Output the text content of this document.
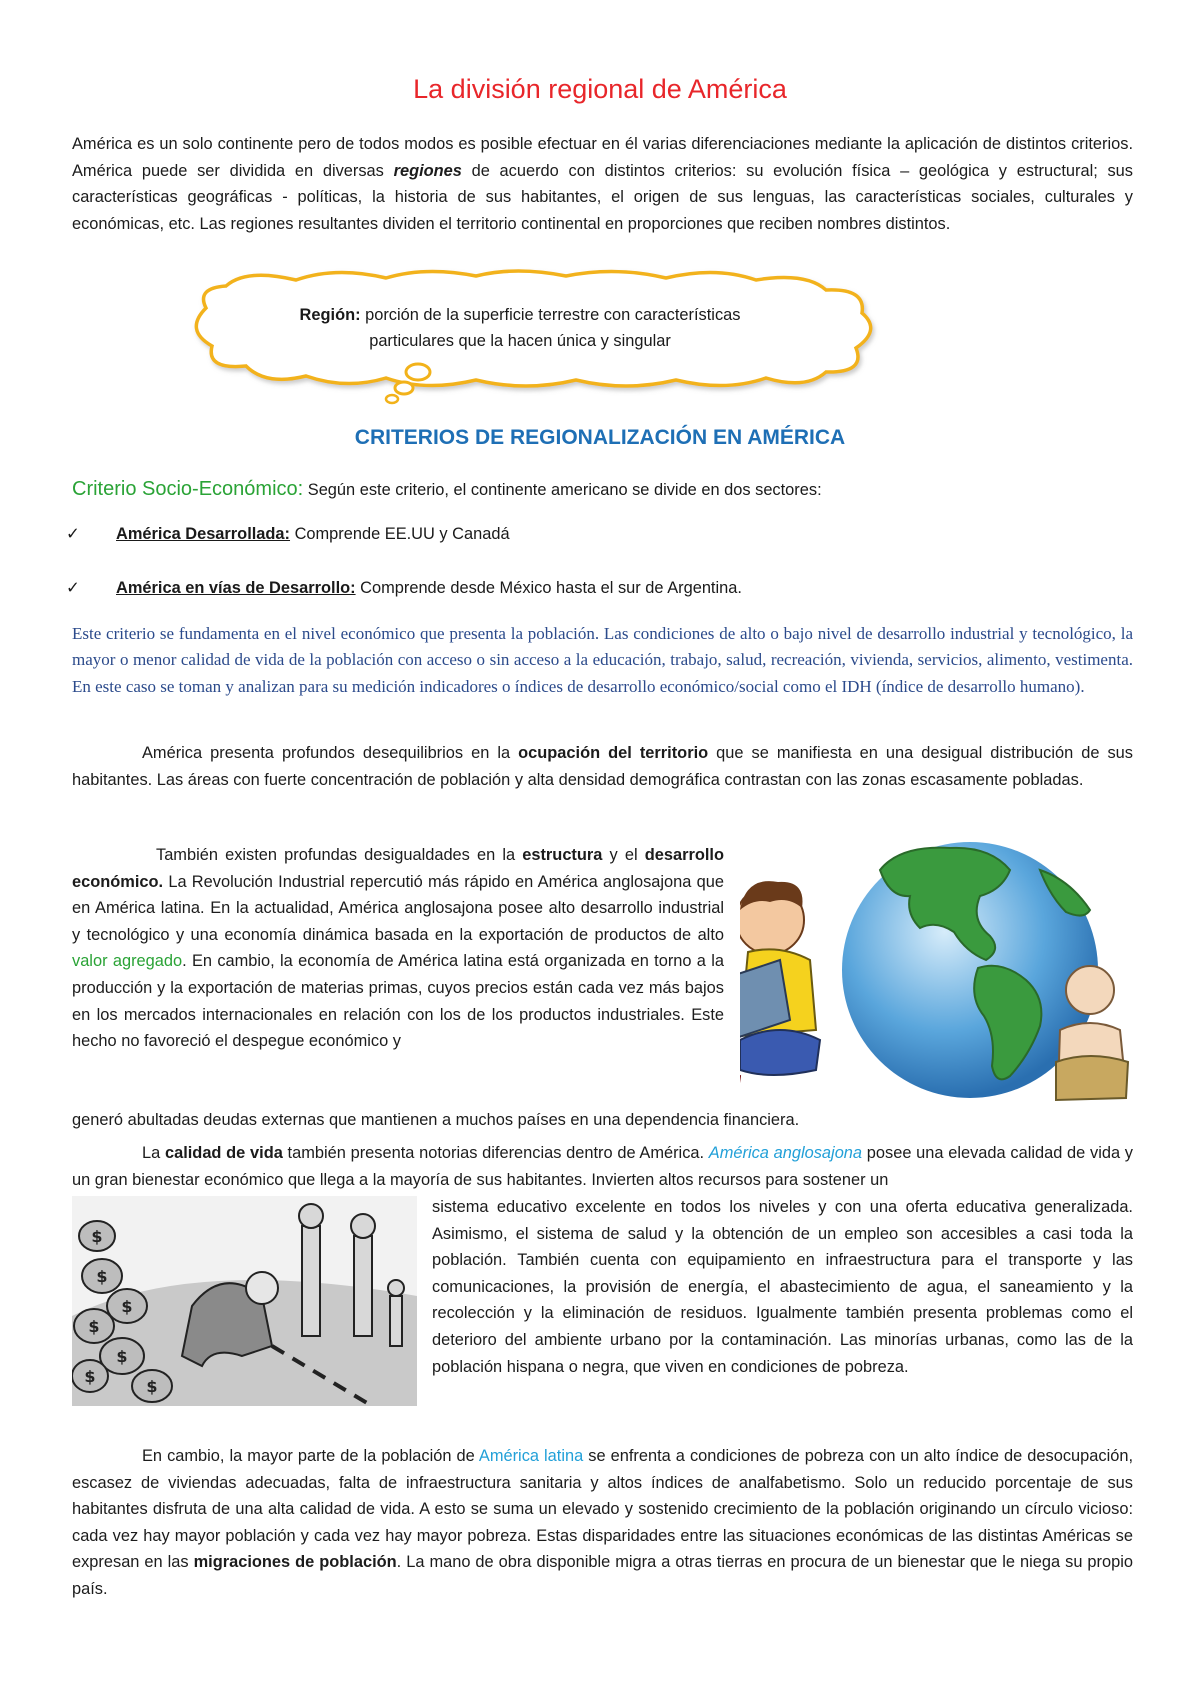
La división regional de América
América es un solo continente pero de todos modos es posible efectuar en él varias diferenciaciones mediante la aplicación de distintos criterios. América puede ser dividida en diversas regiones de acuerdo con distintos criterios: su evolución física – geológica y estructural; sus características geográficas - políticas, la historia de sus habitantes, el origen de sus lenguas, las características sociales, culturales y económicas, etc. Las regiones resultantes dividen el territorio continental en proporciones que reciben nombres distintos.
Región: porción de la superficie terrestre con características
particulares que la hacen única y singular
CRITERIOS DE REGIONALIZACIÓN EN AMÉRICA
Criterio Socio-Económico: Según este criterio, el continente americano se divide en dos sectores:
✓ América Desarrollada: Comprende EE.UU y Canadá
✓ América en vías de Desarrollo: Comprende desde México hasta el sur de Argentina.
Este criterio se fundamenta en el nivel económico que presenta la población. Las condiciones de alto o bajo nivel de desarrollo industrial y tecnológico, la mayor o menor calidad de vida de la población con acceso o sin acceso a la educación, trabajo, salud, recreación, vivienda, servicios, alimento, vestimenta. En este caso se toman y analizan para su medición indicadores o índices de desarrollo económico/social como el IDH (índice de desarrollo humano).
América presenta profundos desequilibrios en la ocupación del territorio que se manifiesta en una desigual distribución de sus habitantes. Las áreas con fuerte concentración de población y alta densidad demográfica contrastan con las zonas escasamente pobladas.
También existen profundas desigualdades en la estructura y el desarrollo económico. La Revolución Industrial repercutió más rápido en América anglosajona que en América latina. En la actualidad, América anglosajona posee alto desarrollo industrial y tecnológico y una economía dinámica basada en la exportación de productos de alto valor agregado. En cambio, la economía de América latina está organizada en torno a la producción y la exportación de materias primas, cuyos precios están cada vez más bajos en los mercados internacionales en relación con los de los productos industriales. Este hecho no favoreció el despegue económico y
generó abultadas deudas externas que mantienen a muchos países en una dependencia financiera.
La calidad de vida también presenta notorias diferencias dentro de América. América anglosajona posee una elevada calidad de vida y un gran bienestar económico que llega a la mayoría de sus habitantes. Invierten altos recursos para sostener un
$
$
$
$
$
$
$
sistema educativo excelente en todos los niveles y con una oferta educativa generalizada. Asimismo, el sistema de salud y la obtención de un empleo son accesibles a casi toda la población. También cuenta con equipamiento en infraestructura para el transporte y las comunicaciones, la provisión de energía, el abastecimiento de agua, el saneamiento y la recolección y la eliminación de residuos. Igualmente también presenta problemas como el deterioro del ambiente urbano por la contaminación. Las minorías urbanas, como las de la población hispana o negra, que viven en condiciones de pobreza.
En cambio, la mayor parte de la población de América latina se enfrenta a condiciones de pobreza con un alto índice de desocupación, escasez de viviendas adecuadas, falta de infraestructura sanitaria y altos índices de analfabetismo. Solo un reducido porcentaje de sus habitantes disfruta de una alta calidad de vida. A esto se suma un elevado y sostenido crecimiento de la población originando un círculo vicioso: cada vez hay mayor población y cada vez hay mayor pobreza. Estas disparidades entre las situaciones económicas de las distintas Américas se expresan en las migraciones de población. La mano de obra disponible migra a otras tierras en procura de un bienestar que le niega su propio país.
